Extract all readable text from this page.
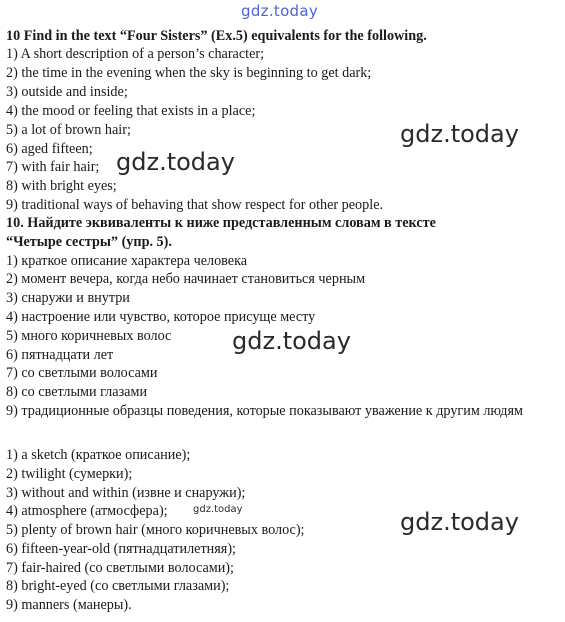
gdz.today
gdz.today
gdz.today
gdz.today
gdz.today	gdz.today
10 Find in the text “Four Sisters” (Ex.5) equivalents for the following.
1) A short description of a person’s character;
2) the time in the evening when the sky is beginning to get dark;
3) outside and inside;
4) the mood or feeling that exists in a place;
5) a lot of brown hair;
6) aged fifteen;
7) with fair hair;
8) with bright eyes;
9) traditional ways of behaving that show respect for other people.
10. Найдите эквиваленты к ниже представленным словам в тексте
“Четыре сестры” (упр. 5).
1) краткое описание характера человека
2) момент вечера, когда небо начинает становиться черным
3) снаружи и внутри
4) настроение или чувство, которое присуще месту
5) много коричневых волос
6) пятнадцати лет
7) со светлыми волосами
8) со светлыми глазами
9) традиционные образцы поведения, которые показывают уважение к другим людям
1) a sketch (краткое описание);
2) twilight (сумерки);
3) without and within (извне и снаружи);
4) atmosphere (атмосфера);
5) plenty of brown hair (много коричневых волос);
6) fifteen-year-old (пятнадцатилетняя);
7) fair-haired (со светлыми волосами);
8) bright-eyed (со светлыми глазами);
9) manners (манеры).
